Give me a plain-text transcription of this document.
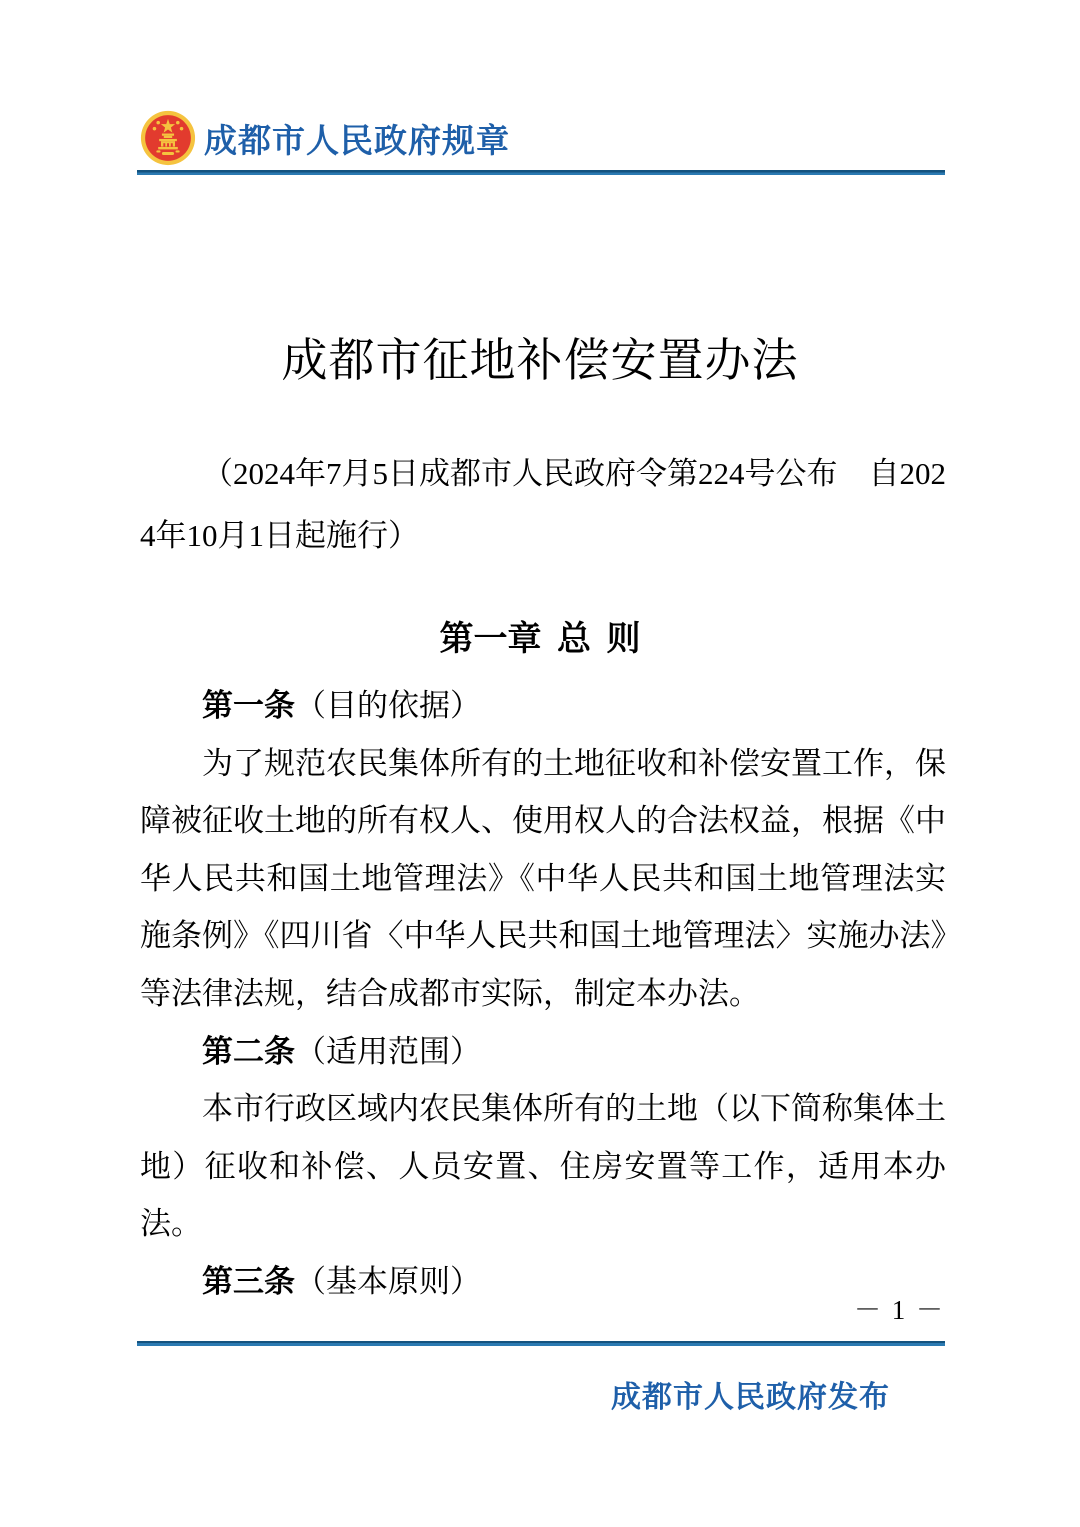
成都市人民政府规章
成都市征地补偿安置办法

（2024年7月5日成都市人民政府令第224号公布　自2024年10月1日起施行）

第一章 总 则

第一条（目的依据）

为了规范农民集体所有的土地征收和补偿安置工作，保障被征收土地的所有权人、使用权人的合法权益，根据《中华人民共和国土地管理法》《中华人民共和国土地管理法实施条例》《四川省〈中华人民共和国土地管理法〉实施办法》等法律法规，结合成都市实际，制定本办法。

第二条（适用范围）

本市行政区域内农民集体所有的土地（以下简称集体土地）征收和补偿、人员安置、住房安置等工作，适用本办法。

第三条（基本原则）

－ 1 －
成都市人民政府发布
